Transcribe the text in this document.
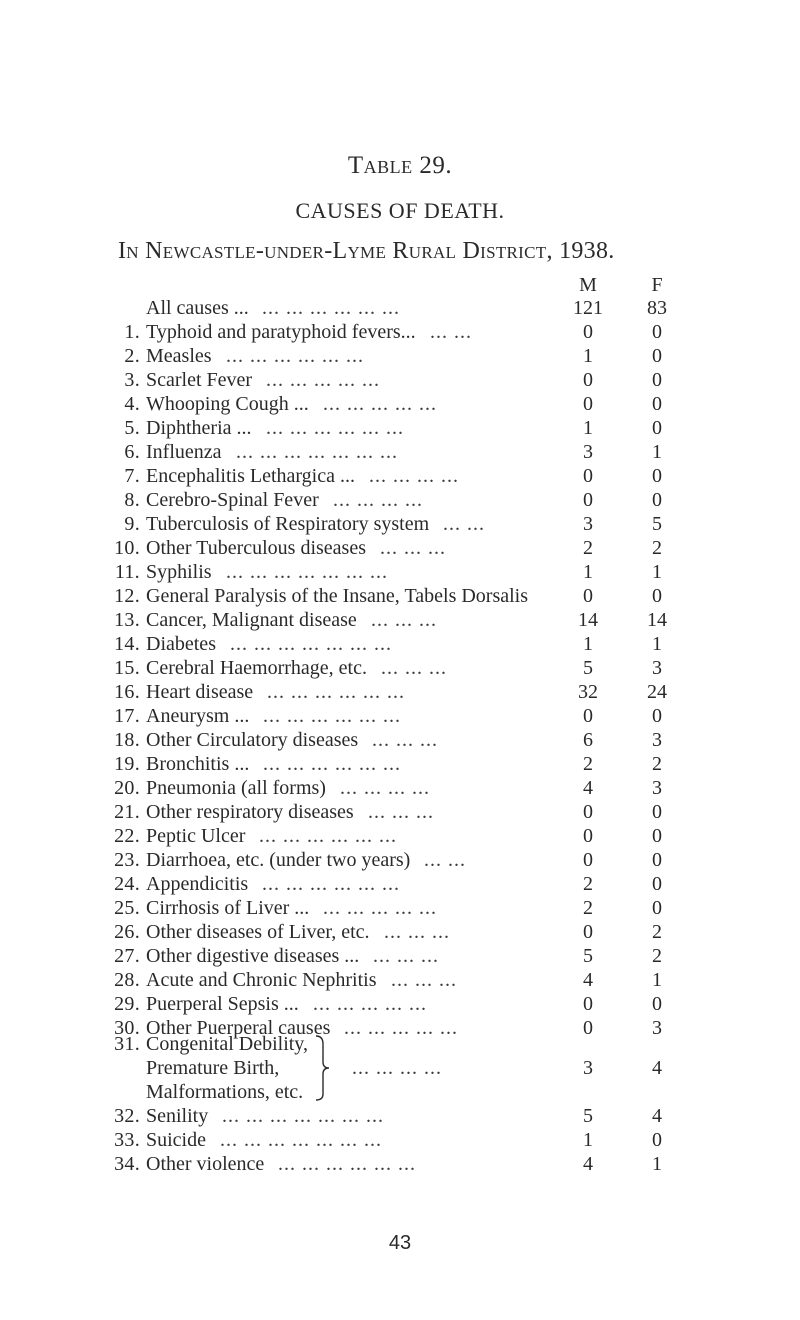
Table 29.
CAUSES OF DEATH.
In Newcastle-under-Lyme Rural District, 1938.
M	F
All causes ... ... ... ... ... ... ...	121	83
1. Typhoid and paratyphoid fevers... ... ...	0	0
2. Measles ... ... ... ... ... ...	1	0
3. Scarlet Fever ... ... ... ... ...	0	0
4. Whooping Cough ... ... ... ... ... ...	0	0
5. Diphtheria ... ... ... ... ... ... ...	1	0
6. Influenza ... ... ... ... ... ... ...	3	1
7. Encephalitis Lethargica ... ... ... ... ...	0	0
8. Cerebro-Spinal Fever ... ... ... ...	0	0
9. Tuberculosis of Respiratory system ... ...	3	5
10. Other Tuberculous diseases ... ... ...	2	2
11. Syphilis ... ... ... ... ... ... ...	1	1
12. General Paralysis of the Insane, Tabels Dorsalis	0	0
13. Cancer, Malignant disease ... ... ...	14	14
14. Diabetes ... ... ... ... ... ... ...	1	1
15. Cerebral Haemorrhage, etc. ... ... ...	5	3
16. Heart disease ... ... ... ... ... ...	32	24
17. Aneurysm ... ... ... ... ... ... ...	0	0
18. Other Circulatory diseases ... ... ...	6	3
19. Bronchitis ... ... ... ... ... ... ...	2	2
20. Pneumonia (all forms) ... ... ... ...	4	3
21. Other respiratory diseases ... ... ...	0	0
22. Peptic Ulcer ... ... ... ... ... ...	0	0
23. Diarrhoea, etc. (under two years) ... ...	0	0
24. Appendicitis ... ... ... ... ... ...	2	0
25. Cirrhosis of Liver ... ... ... ... ... ...	2	0
26. Other diseases of Liver, etc. ... ... ...	0	2
27. Other digestive diseases ... ... ... ...	5	2
28. Acute and Chronic Nephritis ... ... ...	4	1
29. Puerperal Sepsis ... ... ... ... ... ...	0	0
30. Other Puerperal causes ... ... ... ... ...	0	3
31. Congenital Debility,
Premature Birth,
Malformations, etc.
... ... ... ...	3	4
32. Senility ... ... ... ... ... ... ...	5	4
33. Suicide ... ... ... ... ... ... ...	1	0
34. Other violence ... ... ... ... ... ...	4	1
43
